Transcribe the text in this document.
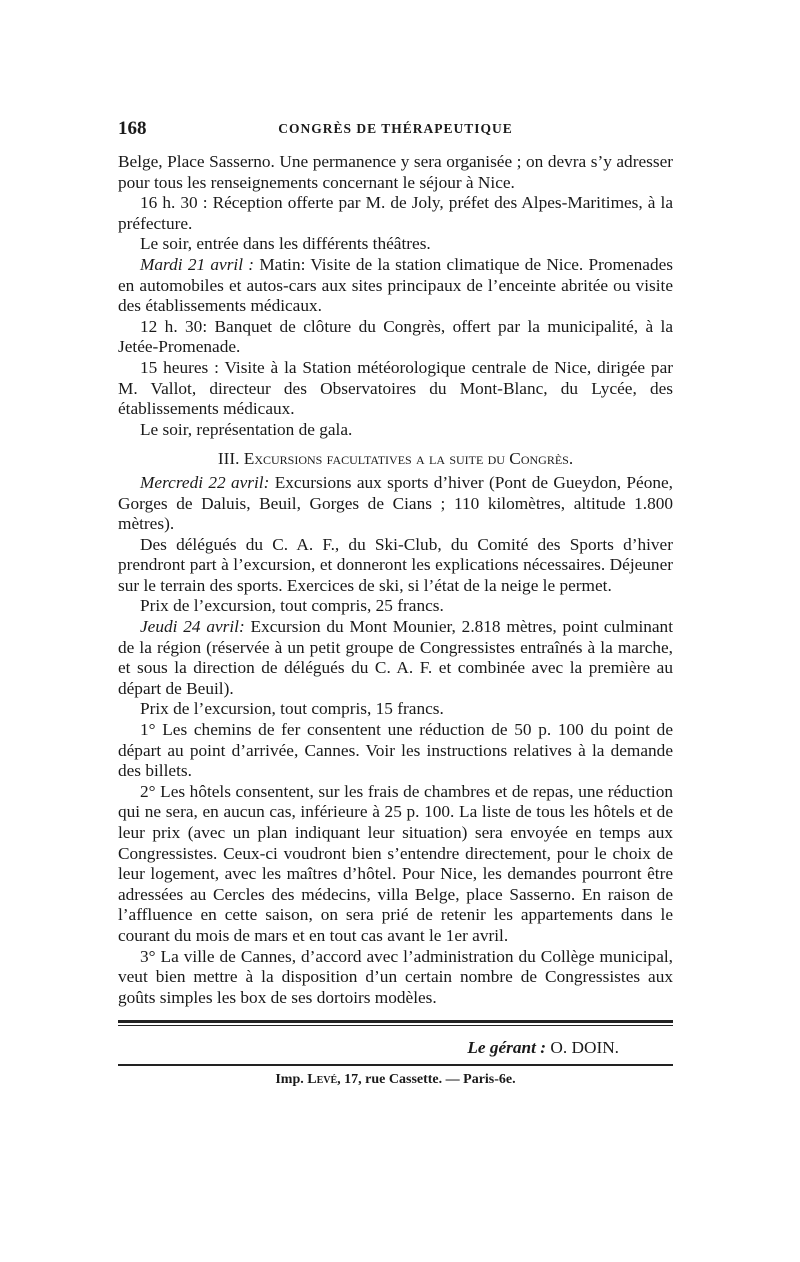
168	CONGRÈS DE THÉRAPEUTIQUE

Belge, Place Sasserno. Une permanence y sera organisée ; on devra s’y adresser pour tous les renseignements concernant le séjour à Nice.

16 h. 30 : Réception offerte par M. de Joly, préfet des Alpes-Maritimes, à la préfecture.

Le soir, entrée dans les différents théâtres.

Mardi 21 avril : Matin: Visite de la station climatique de Nice. Promenades en automobiles et autos-cars aux sites principaux de l’enceinte abritée ou visite des établissements médicaux.

12 h. 30: Banquet de clôture du Congrès, offert par la municipalité, à la Jetée-Promenade.

15 heures : Visite à la Station météorologique centrale de Nice, dirigée par M. Vallot, directeur des Observatoires du Mont-Blanc, du Lycée, des établissements médicaux.

Le soir, représentation de gala.

III. Excursions facultatives a la suite du Congrès.

Mercredi 22 avril: Excursions aux sports d’hiver (Pont de Gueydon, Péone, Gorges de Daluis, Beuil, Gorges de Cians ; 110 kilomètres, altitude 1.800 mètres).

Des délégués du C. A. F., du Ski-Club, du Comité des Sports d’hiver prendront part à l’excursion, et donneront les explications nécessaires. Déjeuner sur le terrain des sports. Exercices de ski, si l’état de la neige le permet.

Prix de l’excursion, tout compris, 25 francs.

Jeudi 24 avril: Excursion du Mont Mounier, 2.818 mètres, point culminant de la région (réservée à un petit groupe de Congressistes entraînés à la marche, et sous la direction de délégués du C. A. F. et combinée avec la première au départ de Beuil).

Prix de l’excursion, tout compris, 15 francs.

1° Les chemins de fer consentent une réduction de 50 p. 100 du point de départ au point d’arrivée, Cannes. Voir les instructions relatives à la demande des billets.

2° Les hôtels consentent, sur les frais de chambres et de repas, une réduction qui ne sera, en aucun cas, inférieure à 25 p. 100. La liste de tous les hôtels et de leur prix (avec un plan indiquant leur situation) sera envoyée en temps aux Congressistes. Ceux-ci voudront bien s’entendre directement, pour le choix de leur logement, avec les maîtres d’hôtel. Pour Nice, les demandes pourront être adressées au Cercles des médecins, villa Belge, place Sasserno. En raison de l’affluence en cette saison, on sera prié de retenir les appartements dans le courant du mois de mars et en tout cas avant le 1er avril.

3° La ville de Cannes, d’accord avec l’administration du Collège municipal, veut bien mettre à la disposition d’un certain nombre de Congressistes aux goûts simples les box de ses dortoirs modèles.

Le gérant : O. DOIN.
Imp. Levé, 17, rue Cassette. — Paris-6e.
